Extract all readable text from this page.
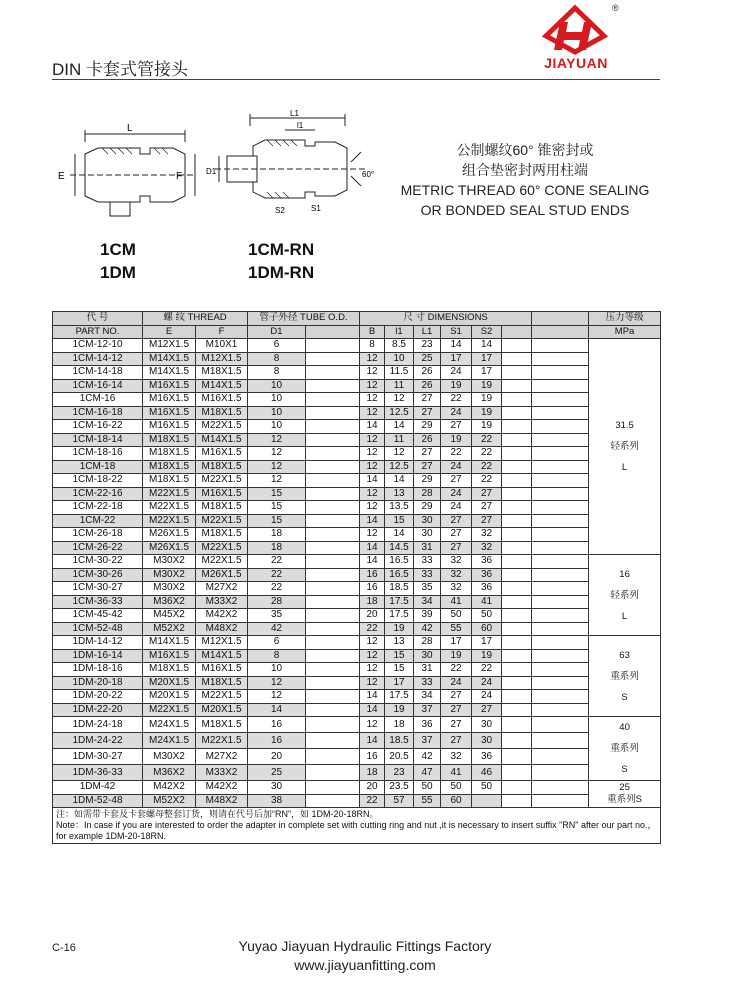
DIN 卡套式管接头
®
JIAYUAN
L
E	F
L1
l1
D1
S2	S1
60°
1CM
1DM
1CM-RN
1DM-RN
公制螺纹60° 锥密封或
组合垫密封两用柱端
METRIC THREAD 60° CONE SEALING
OR BONDED SEAL STUD ENDS
代 号	螺 纹 THREAD		管子外径 TUBE O.D.		尺 寸 DIMENSIONS							压力等级
PART NO.	E	F	D1		B	l1	L1	S1	S2			MPa
1CM-12-10	M12X1.5	M10X1	6		8	8.5	23	14	14			31.5
轻系列
L

1CM-14-12	M14X1.5	M12X1.5	8		12	10	25	17	17			
1CM-14-18	M14X1.5	M18X1.5	8		12	11.5	26	24	17			
1CM-16-14	M16X1.5	M14X1.5	10		12	11	26	19	19			
1CM-16	M16X1.5	M16X1.5	10		12	12	27	22	19			
1CM-16-18	M16X1.5	M18X1.5	10		12	12.5	27	24	19			
1CM-16-22	M16X1.5	M22X1.5	10		14	14	29	27	19			
1CM-18-14	M18X1.5	M14X1.5	12		12	11	26	19	22			
1CM-18-16	M18X1.5	M16X1.5	12		12	12	27	22	22			
1CM-18	M18X1.5	M18X1.5	12		12	12.5	27	24	22			
1CM-18-22	M18X1.5	M22X1.5	12		14	14	29	27	22			
1CM-22-16	M22X1.5	M16X1.5	15		12	13	28	24	27			
1CM-22-18	M22X1.5	M18X1.5	15		12	13.5	29	24	27			
1CM-22	M22X1.5	M22X1.5	15		14	15	30	27	27			
1CM-26-18	M26X1.5	M18X1.5	18		12	14	30	27	32			
1CM-26-22	M26X1.5	M22X1.5	18		14	14.5	31	27	32			
1CM-30-22	M30X2	M22X1.5	22		14	16.5	33	32	36			16
轻系列
L

1CM-30-26	M30X2	M26X1.5	22		16	16.5	33	32	36			
1CM-30-27	M30X2	M27X2	22		16	18.5	35	32	36			
1CM-36-33	M36X2	M33X2	28		18	17.5	34	41	41			
1CM-45-42	M45X2	M42X2	35		20	17.5	39	50	50			
1CM-52-48	M52X2	M48X2	42		22	19	42	55	60			
1DM-14-12	M14X1.5	M12X1.5	6		12	13	28	17	17			63
重系列
S

1DM-16-14	M16X1.5	M14X1.5	8		12	15	30	19	19			
1DM-18-16	M18X1.5	M16X1.5	10		12	15	31	22	22			
1DM-20-18	M20X1.5	M18X1.5	12		12	17	33	24	24			
1DM-20-22	M20X1.5	M22X1.5	12		14	17.5	34	27	24			
1DM-22-20	M22X1.5	M20X1.5	14		14	19	37	27	27			
1DM-24-18	M24X1.5	M18X1.5	16		12	18	36	27	30			40
重系列
S

1DM-24-22	M24X1.5	M22X1.5	16		14	18.5	37	27	30			
1DM-30-27	M30X2	M27X2	20		16	20.5	42	32	36			
1DM-36-33	M36X2	M33X2	25		18	23	47	41	46			
1DM-42	M42X2	M42X2	30		20	23.5	50	50	50			25
重系列S

1DM-52-48	M52X2	M48X2	38		22	57	55	60				

注：如需带卡套及卡套螺母整套订货，则请在代号后加“RN”，如 1DM-20-18RN。
Note：In case if you are interested to order the adapter in complete set with cutting ring and nut ,it is necessary to insert suffix "RN" after our part no.，for example 1DM-20-18RN.												
C-16	Yuyao Jiayuan Hydraulic Fittings Factory
www.jiayuanfitting.com
